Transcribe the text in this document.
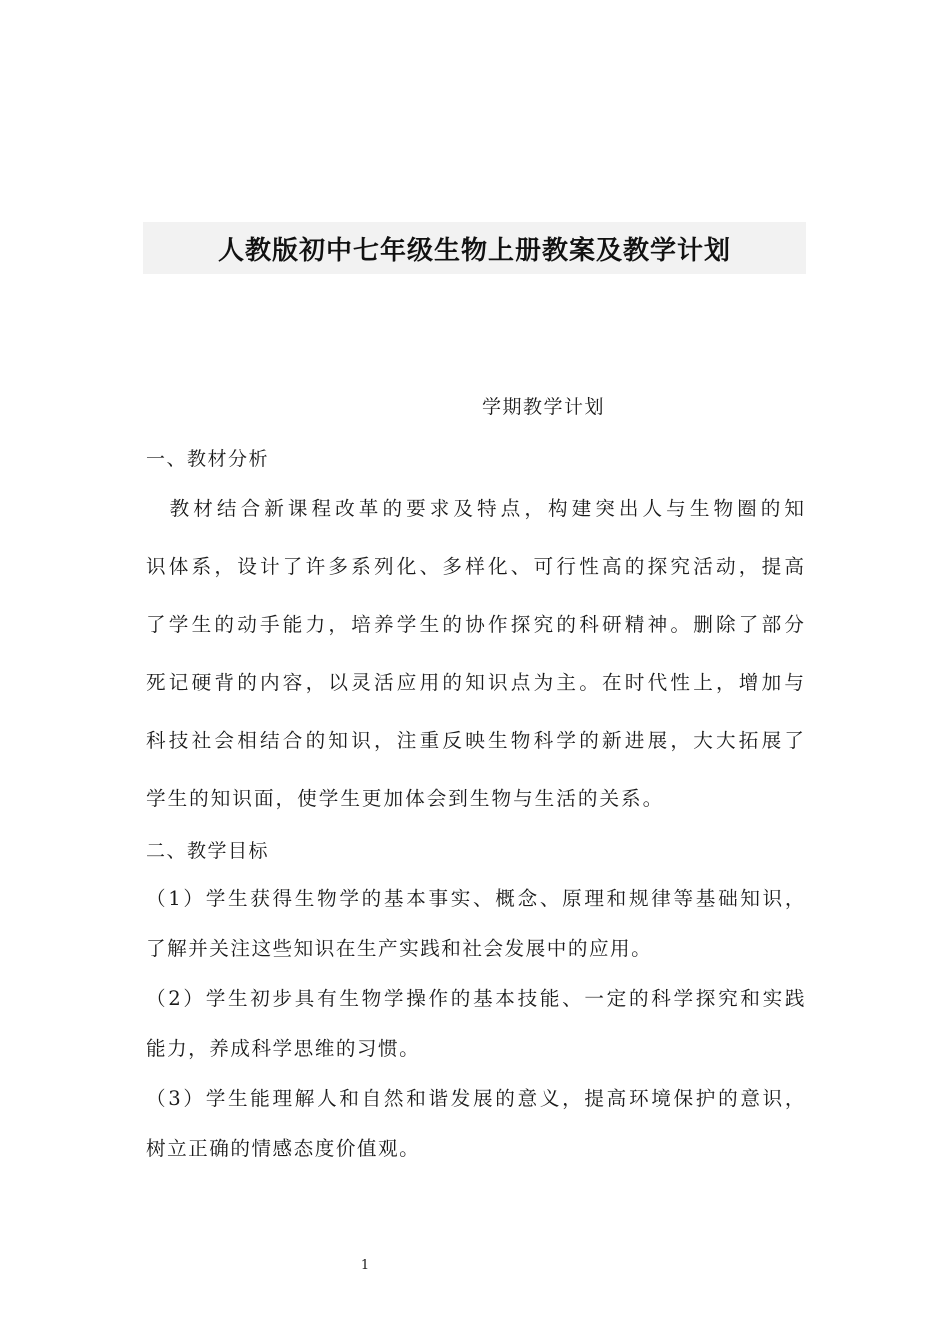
人教版初中七年级生物上册教案及教学计划
学期教学计划
一、教材分析
　教材结合新课程改革的要求及特点，构建突出人与生物圈的知
识体系，设计了许多系列化、多样化、可行性高的探究活动，提高
了学生的动手能力，培养学生的协作探究的科研精神。删除了部分
死记硬背的内容，以灵活应用的知识点为主。在时代性上，增加与
科技社会相结合的知识，注重反映生物科学的新进展，大大拓展了
学生的知识面，使学生更加体会到生物与生活的关系。
二、教学目标
（1）学生获得生物学的基本事实、概念、原理和规律等基础知识，
了解并关注这些知识在生产实践和社会发展中的应用。
（2）学生初步具有生物学操作的基本技能、一定的科学探究和实践
能力，养成科学思维的习惯。
（3）学生能理解人和自然和谐发展的意义，提高环境保护的意识，
树立正确的情感态度价值观。
1
